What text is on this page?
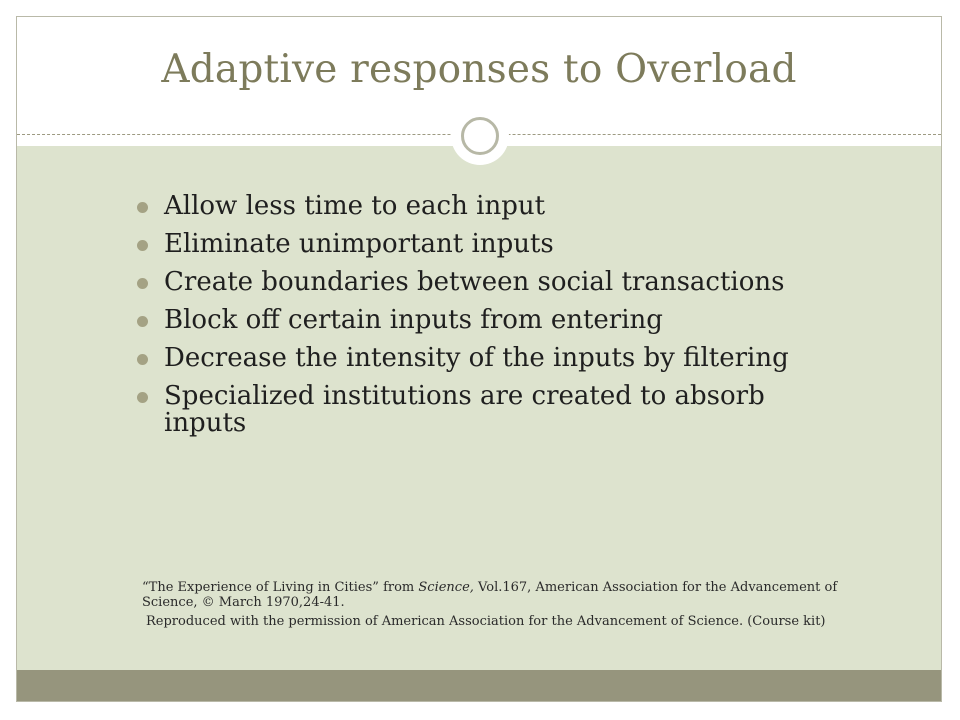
Adaptive responses to Overload
Allow less time to each input
Eliminate unimportant inputs
Create boundaries between social transactions
Block off certain inputs from entering
Decrease the intensity of the inputs by filtering
Specialized institutions are created to absorb inputs

“The Experience of Living in Cities” from Science, Vol.167, American Association for the Advancement of Science, © March 1970,24-41.

Reproduced with the permission of American Association for the Advancement of Science. (Course kit)
